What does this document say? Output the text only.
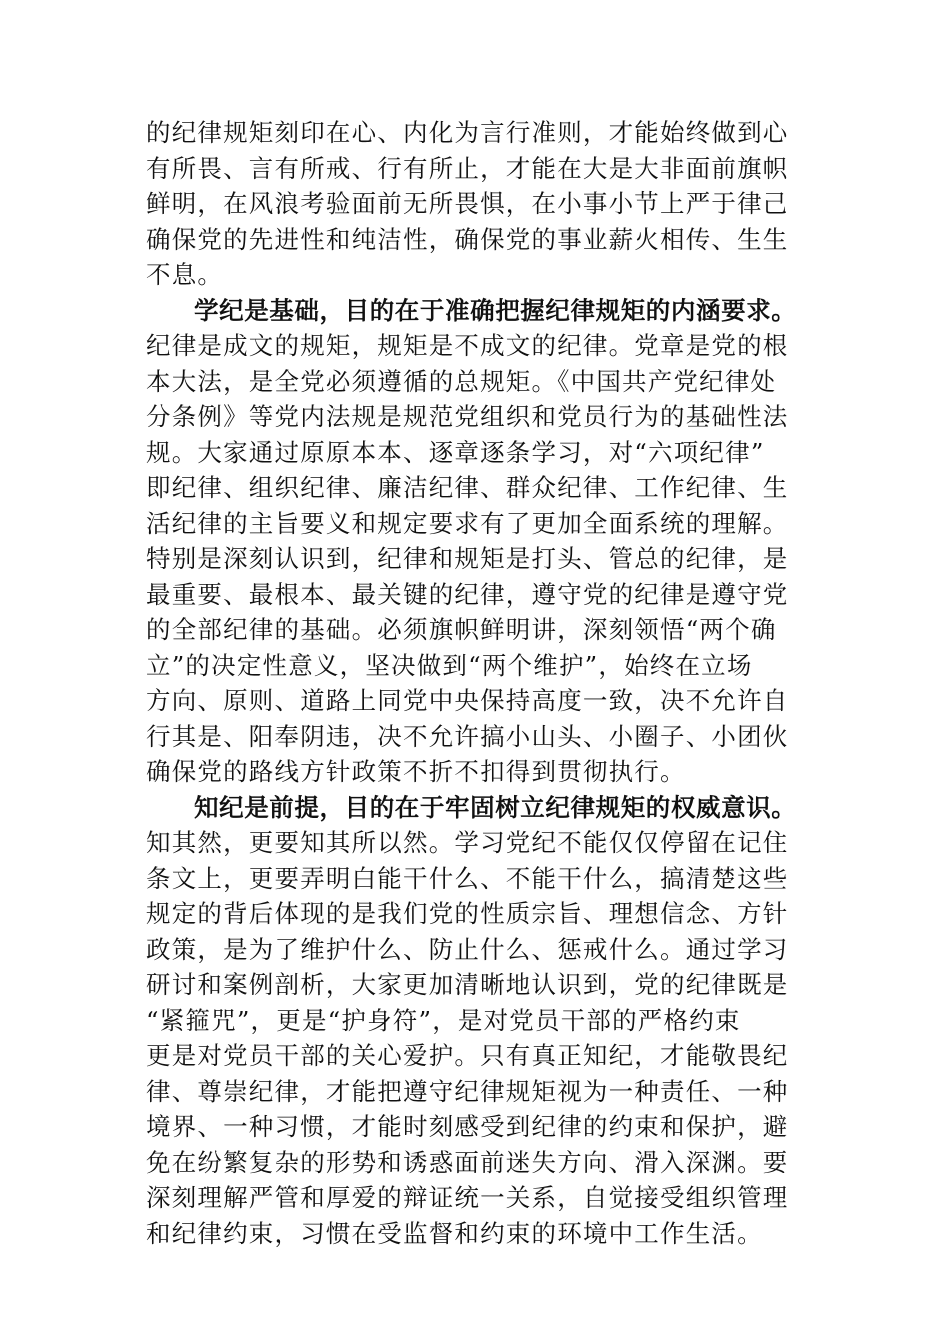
的纪律规矩刻印在心、内化为言行准则，才能始终做到心
有所畏、言有所戒、行有所止，才能在大是大非面前旗帜
鲜明，在风浪考验面前无所畏惧，在小事小节上严于律己
确保党的先进性和纯洁性，确保党的事业薪火相传、生生
不息。
学纪是基础，目的在于准确把握纪律规矩的内涵要求。
纪律是成文的规矩，规矩是不成文的纪律。党章是党的根
本大法，是全党必须遵循的总规矩。《中国共产党纪律处
分条例》等党内法规是规范党组织和党员行为的基础性法
规。大家通过原原本本、逐章逐条学习，对“六项纪律”
即纪律、组织纪律、廉洁纪律、群众纪律、工作纪律、生
活纪律的主旨要义和规定要求有了更加全面系统的理解。
特别是深刻认识到，纪律和规矩是打头、管总的纪律，是
最重要、最根本、最关键的纪律，遵守党的纪律是遵守党
的全部纪律的基础。必须旗帜鲜明讲，深刻领悟“两个确
立”的决定性意义，坚决做到“两个维护”，始终在立场
方向、原则、道路上同党中央保持高度一致，决不允许自
行其是、阳奉阴违，决不允许搞小山头、小圈子、小团伙
确保党的路线方针政策不折不扣得到贯彻执行。
知纪是前提，目的在于牢固树立纪律规矩的权威意识。
知其然，更要知其所以然。学习党纪不能仅仅停留在记住
条文上，更要弄明白能干什么、不能干什么，搞清楚这些
规定的背后体现的是我们党的性质宗旨、理想信念、方针
政策，是为了维护什么、防止什么、惩戒什么。通过学习
研讨和案例剖析，大家更加清晰地认识到，党的纪律既是
“紧箍咒”，更是“护身符”，是对党员干部的严格约束
更是对党员干部的关心爱护。只有真正知纪，才能敬畏纪
律、尊崇纪律，才能把遵守纪律规矩视为一种责任、一种
境界、一种习惯，才能时刻感受到纪律的约束和保护，避
免在纷繁复杂的形势和诱惑面前迷失方向、滑入深渊。要
深刻理解严管和厚爱的辩证统一关系，自觉接受组织管理
和纪律约束，习惯在受监督和约束的环境中工作生活。
